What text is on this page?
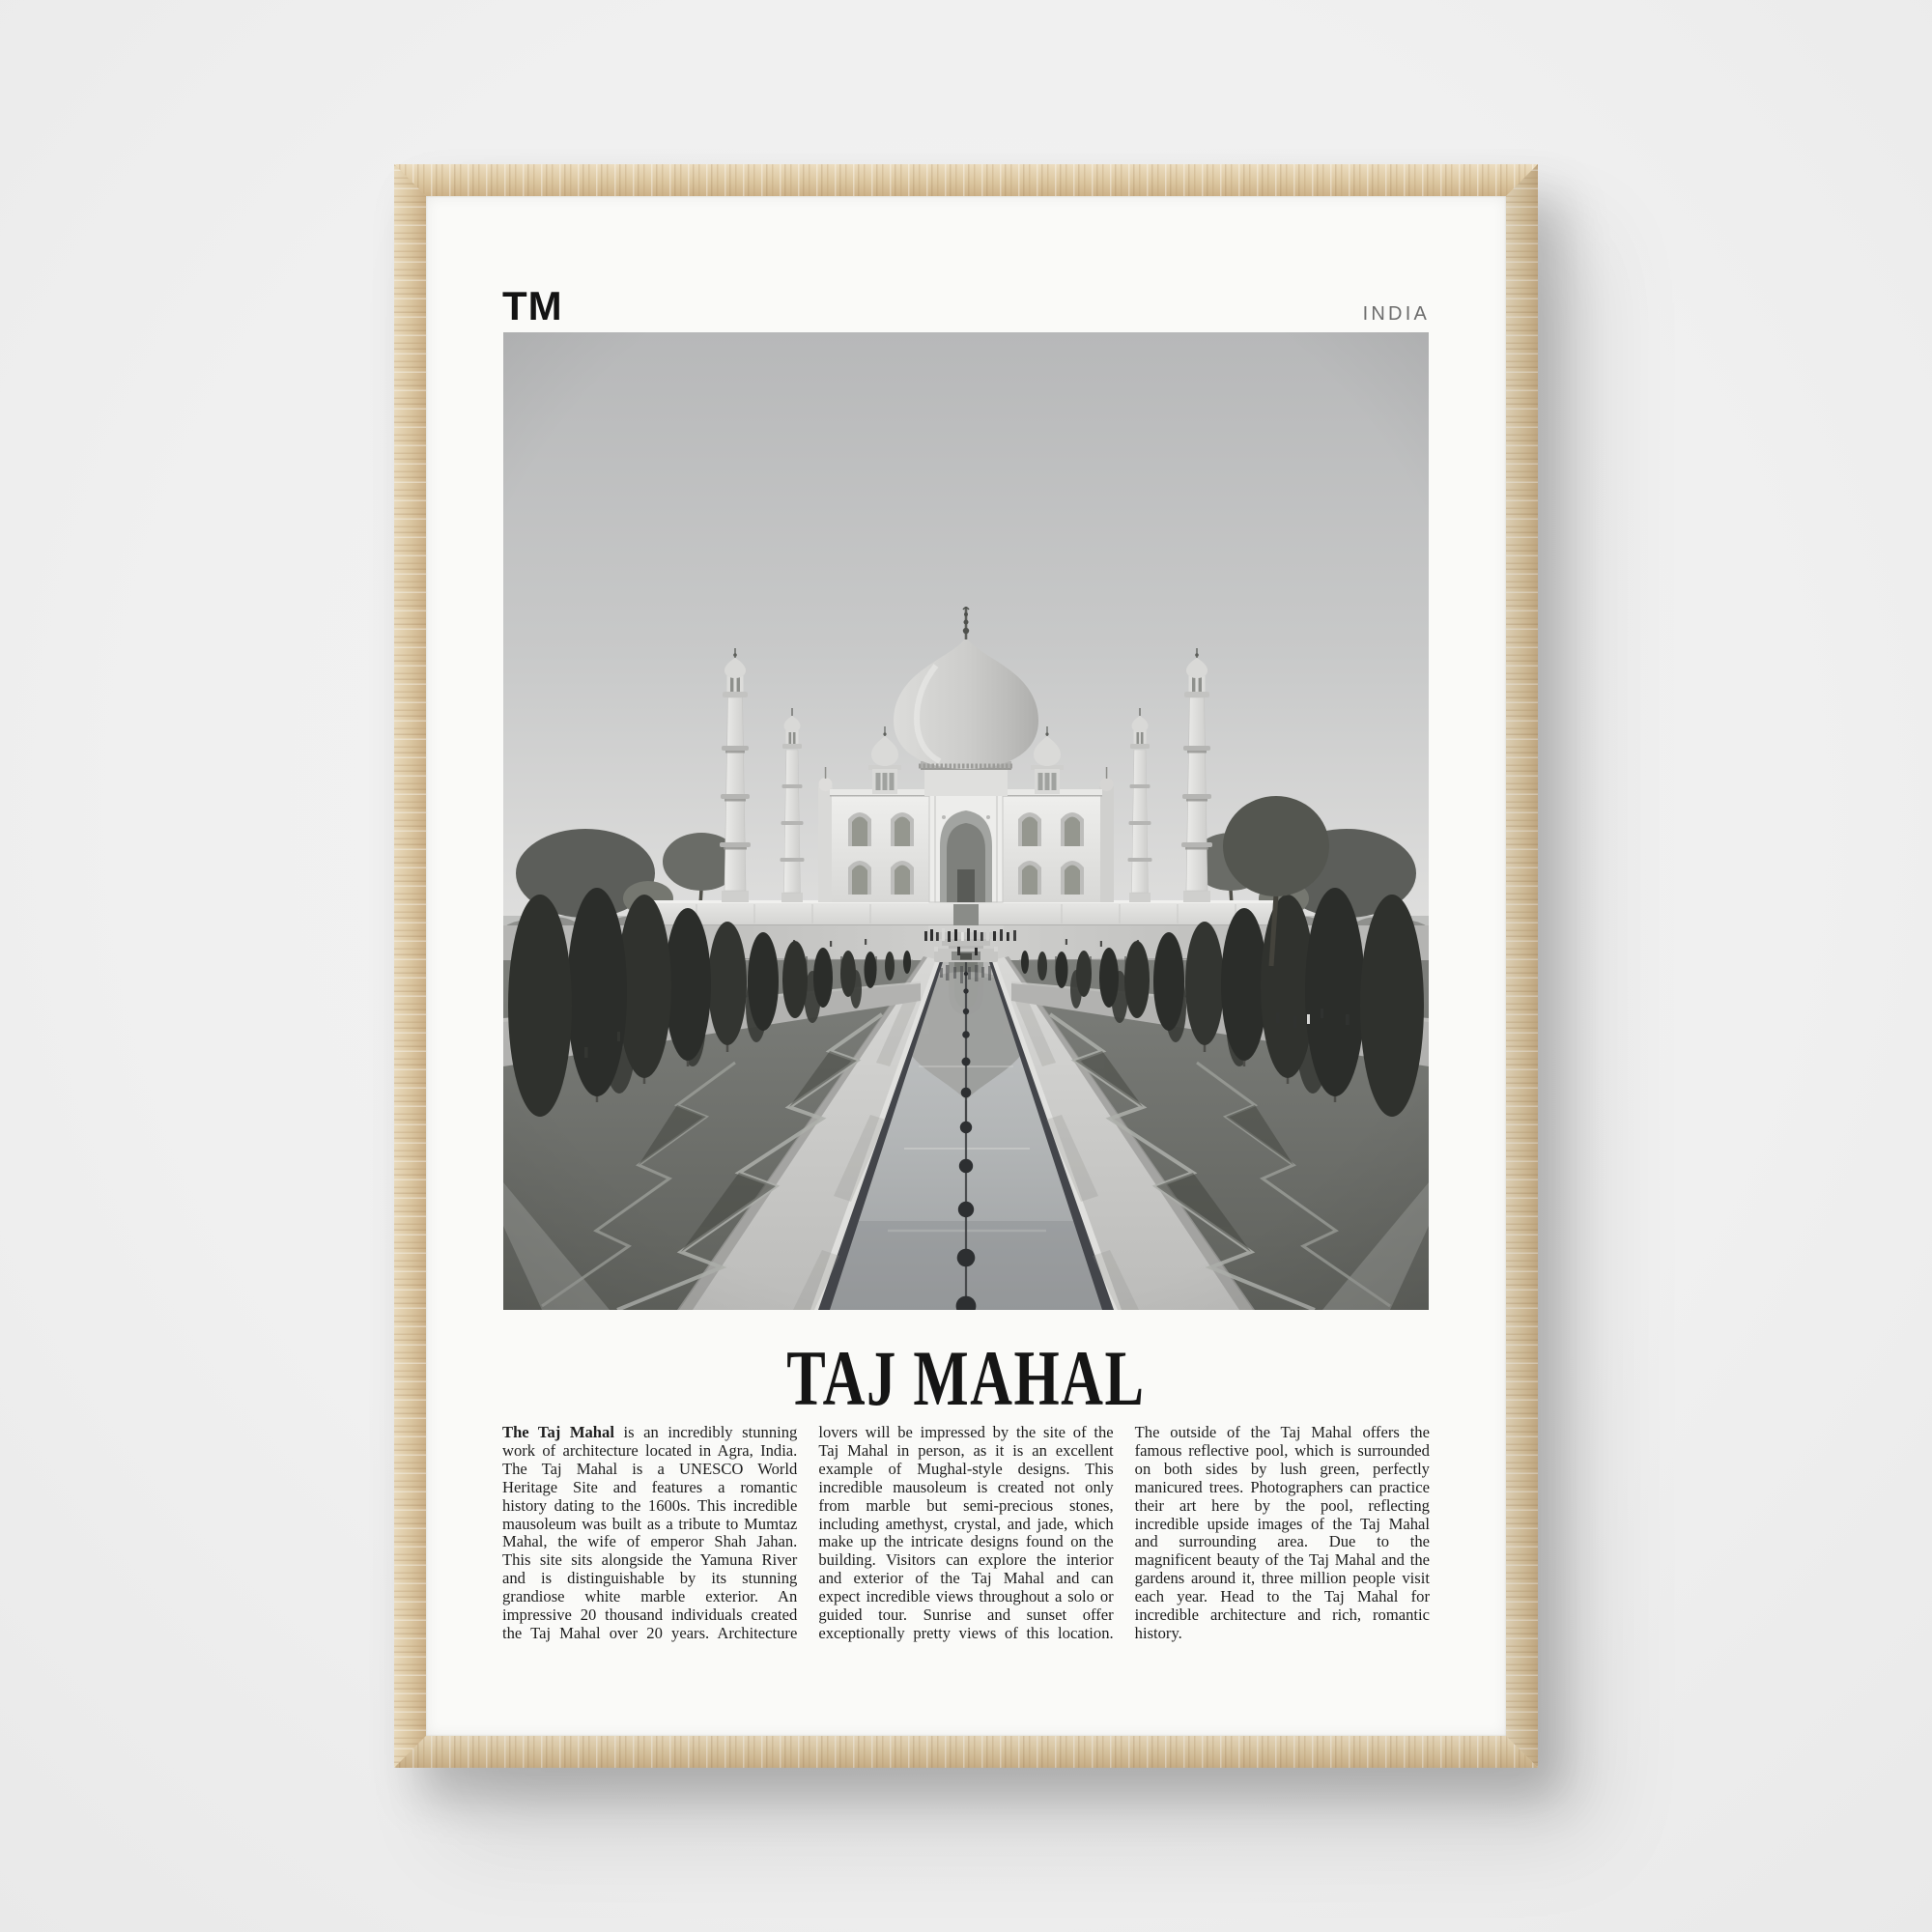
TM	INDIA
TAJ MAHAL

The Taj Mahal is an incredibly stunning work of architecture located in Agra, India. The Taj Mahal is a UNESCO World Heritage Site and features a romantic history dating to the 1600s. This incredible mausoleum was built as a tribute to Mumtaz Mahal, the wife of emperor Shah Jahan. This site sits alongside the Yamuna River and is distinguishable by its stunning grandiose white marble exterior. An impressive 20 thousand individuals created the Taj Mahal over 20 years. Architecture lovers will be impressed by the site of the Taj Mahal in person, as it is an excellent example of Mughal-style designs. This incredible mausoleum is created not only from marble but semi-precious stones, including amethyst, crystal, and jade, which make up the intricate designs found on the building. Visitors can explore the interior and exterior of the Taj Mahal and can expect incredible views throughout a solo or guided tour. Sunrise and sunset offer exceptionally pretty views of this location. The outside of the Taj Mahal offers the famous reflective pool, which is surrounded on both sides by lush green, perfectly manicured trees. Photographers can practice their art here by the pool, reflecting incredible upside images of the Taj Mahal and surrounding area. Due to the magnificent beauty of the Taj Mahal and the gardens around it, three million people visit each year. Head to the Taj Mahal for incredible architecture and rich, romantic history.
